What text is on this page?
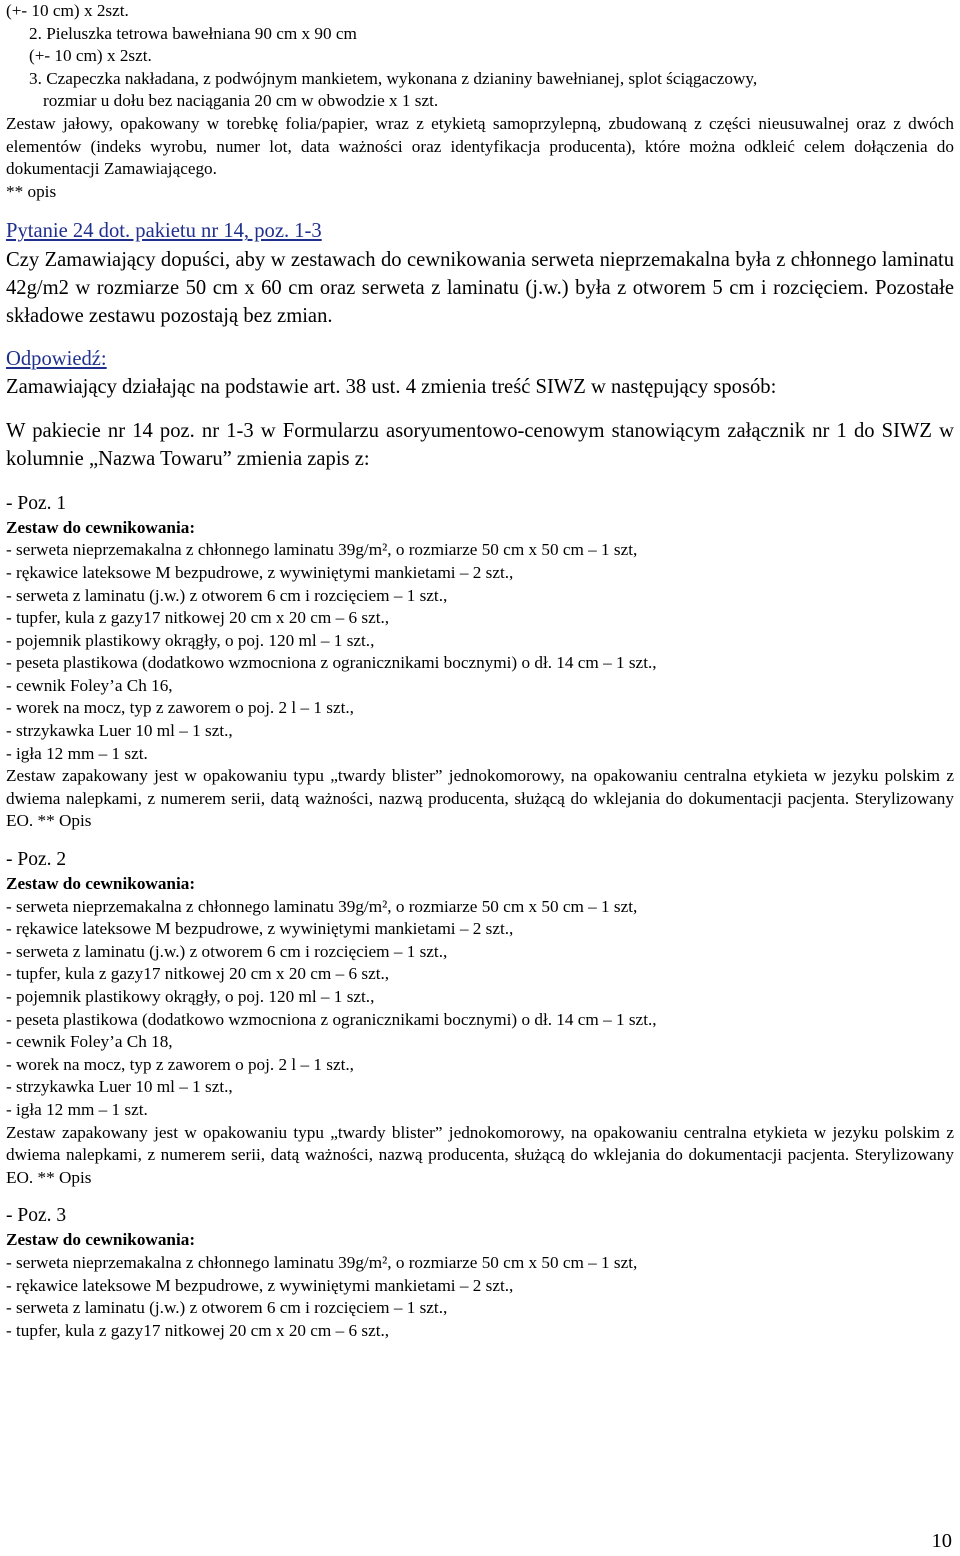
(+- 10 cm) x 2szt.

2. Pieluszka tetrowa bawełniana 90 cm x 90 cm

(+- 10 cm) x 2szt.

3. Czapeczka nakładana, z podwójnym mankietem, wykonana z dzianiny bawełnianej, splot ściągaczowy,

rozmiar u dołu bez naciągania 20 cm w obwodzie x 1 szt.

Zestaw jałowy, opakowany w torebkę folia/papier, wraz z etykietą samoprzylepną, zbudowaną z części nieusuwalnej oraz z dwóch elementów (indeks wyrobu, numer lot, data ważności oraz identyfikacja producenta), które można odkleić celem dołączenia do dokumentacji Zamawiającego.

** opis

Pytanie 24 dot. pakietu nr 14, poz. 1-3

Czy Zamawiający dopuści, aby w zestawach do cewnikowania serweta nieprzemakalna była z chłonnego laminatu 42g/m2 w rozmiarze 50 cm x 60 cm oraz serweta z laminatu (j.w.) była z otworem 5 cm i rozcięciem. Pozostałe składowe zestawu pozostają bez zmian.

Odpowiedź:

Zamawiający działając na podstawie art. 38 ust. 4 zmienia treść SIWZ w następujący sposób:

W pakiecie nr 14 poz. nr 1-3 w Formularzu asoryumentowo-cenowym stanowiącym załącznik nr 1 do SIWZ w kolumnie „Nazwa Towaru” zmienia zapis z:

- Poz. 1

Zestaw do cewnikowania:

- serweta nieprzemakalna z chłonnego laminatu 39g/m², o rozmiarze 50 cm x 50 cm – 1 szt,

- rękawice lateksowe M bezpudrowe, z wywiniętymi mankietami – 2 szt.,

- serweta z laminatu (j.w.) z otworem 6 cm i rozcięciem – 1 szt.,

- tupfer, kula z gazy17 nitkowej 20 cm x 20 cm – 6 szt.,

- pojemnik plastikowy okrągły, o poj. 120 ml – 1 szt.,

- peseta plastikowa (dodatkowo wzmocniona z ogranicznikami bocznymi) o dł. 14 cm – 1 szt.,

- cewnik Foley’a Ch 16,

- worek na mocz, typ z zaworem o poj. 2 l – 1 szt.,

- strzykawka Luer 10 ml – 1 szt.,

- igła 12 mm – 1 szt.

Zestaw zapakowany jest w opakowaniu typu „twardy blister” jednokomorowy, na opakowaniu centralna etykieta w jezyku polskim z dwiema nalepkami, z numerem serii, datą ważności, nazwą producenta, służącą do wklejania do dokumentacji pacjenta. Sterylizowany EO. ** Opis

- Poz. 2

Zestaw do cewnikowania:

- serweta nieprzemakalna z chłonnego laminatu 39g/m², o rozmiarze 50 cm x 50 cm – 1 szt,

- rękawice lateksowe M bezpudrowe, z wywiniętymi mankietami – 2 szt.,

- serweta z laminatu (j.w.) z otworem 6 cm i rozcięciem – 1 szt.,

- tupfer, kula z gazy17 nitkowej 20 cm x 20 cm – 6 szt.,

- pojemnik plastikowy okrągły, o poj. 120 ml – 1 szt.,

- peseta plastikowa (dodatkowo wzmocniona z ogranicznikami bocznymi) o dł. 14 cm – 1 szt.,

- cewnik Foley’a Ch 18,

- worek na mocz, typ z zaworem o poj. 2 l – 1 szt.,

- strzykawka Luer 10 ml – 1 szt.,

- igła 12 mm – 1 szt.

Zestaw zapakowany jest w opakowaniu typu „twardy blister” jednokomorowy, na opakowaniu centralna etykieta w jezyku polskim z dwiema nalepkami, z numerem serii, datą ważności, nazwą producenta, służącą do wklejania do dokumentacji pacjenta. Sterylizowany EO. ** Opis

- Poz. 3

Zestaw do cewnikowania:

- serweta nieprzemakalna z chłonnego laminatu 39g/m², o rozmiarze 50 cm x 50 cm – 1 szt,

- rękawice lateksowe M bezpudrowe, z wywiniętymi mankietami – 2 szt.,

- serweta z laminatu (j.w.) z otworem 6 cm i rozcięciem – 1 szt.,

- tupfer, kula z gazy17 nitkowej 20 cm x 20 cm – 6 szt.,

10
